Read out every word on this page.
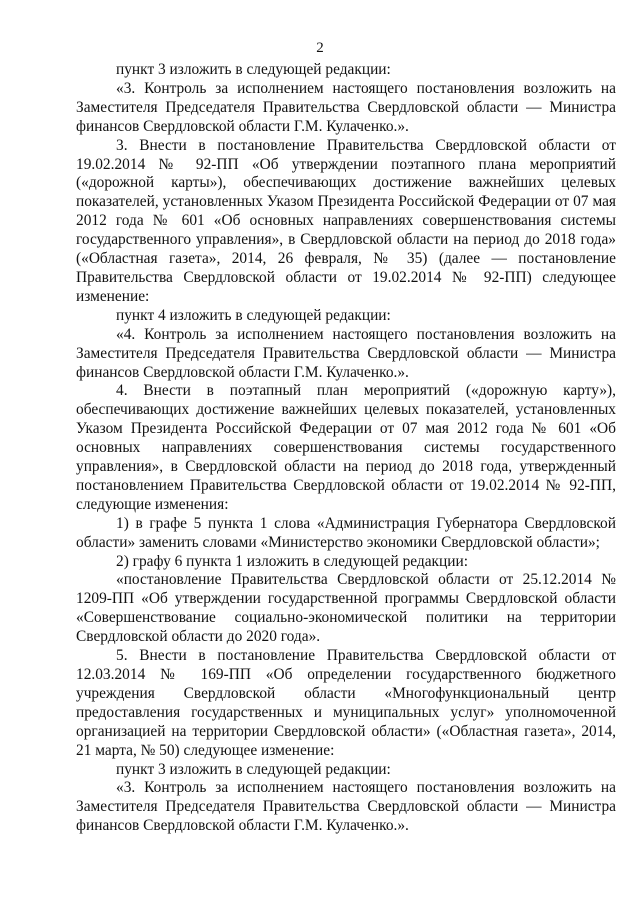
2

пункт 3 изложить в следующей редакции:

«3. Контроль за исполнением настоящего постановления возложить на Заместителя Председателя Правительства Свердловской области — Министра финансов Свердловской области Г.М. Кулаченко.».

3. Внести в постановление Правительства Свердловской области от 19.02.2014 № 92-ПП «Об утверждении поэтапного плана мероприятий («дорожной карты»), обеспечивающих достижение важнейших целевых показателей, установленных Указом Президента Российской Федерации от 07 мая 2012 года № 601 «Об основных направлениях совершенствования системы государственного управления», в Свердловской области на период до 2018 года» («Областная газета», 2014, 26 февраля, № 35) (далее — постановление Правительства Свердловской области от 19.02.2014 № 92-ПП) следующее изменение:

пункт 4 изложить в следующей редакции:

«4. Контроль за исполнением настоящего постановления возложить на Заместителя Председателя Правительства Свердловской области — Министра финансов Свердловской области Г.М. Кулаченко.».

4. Внести в поэтапный план мероприятий («дорожную карту»), обеспечивающих достижение важнейших целевых показателей, установленных Указом Президента Российской Федерации от 07 мая 2012 года № 601 «Об основных направлениях совершенствования системы государственного управления», в Свердловской области на период до 2018 года, утвержденный постановлением Правительства Свердловской области от 19.02.2014 № 92-ПП, следующие изменения:

1) в графе 5 пункта 1 слова «Администрация Губернатора Свердловской области» заменить словами «Министерство экономики Свердловской области»;

2) графу 6 пункта 1 изложить в следующей редакции:

«постановление Правительства Свердловской области от 25.12.2014 № 1209-ПП «Об утверждении государственной программы Свердловской области «Совершенствование социально-экономической политики на территории Свердловской области до 2020 года».

5. Внести в постановление Правительства Свердловской области от 12.03.2014 № 169-ПП «Об определении государственного бюджетного учреждения Свердловской области «Многофункциональный центр предоставления государственных и муниципальных услуг» уполномоченной организацией на территории Свердловской области» («Областная газета», 2014, 21 марта, № 50) следующее изменение:

пункт 3 изложить в следующей редакции:

«3. Контроль за исполнением настоящего постановления возложить на Заместителя Председателя Правительства Свердловской области — Министра финансов Свердловской области Г.М. Кулаченко.».
